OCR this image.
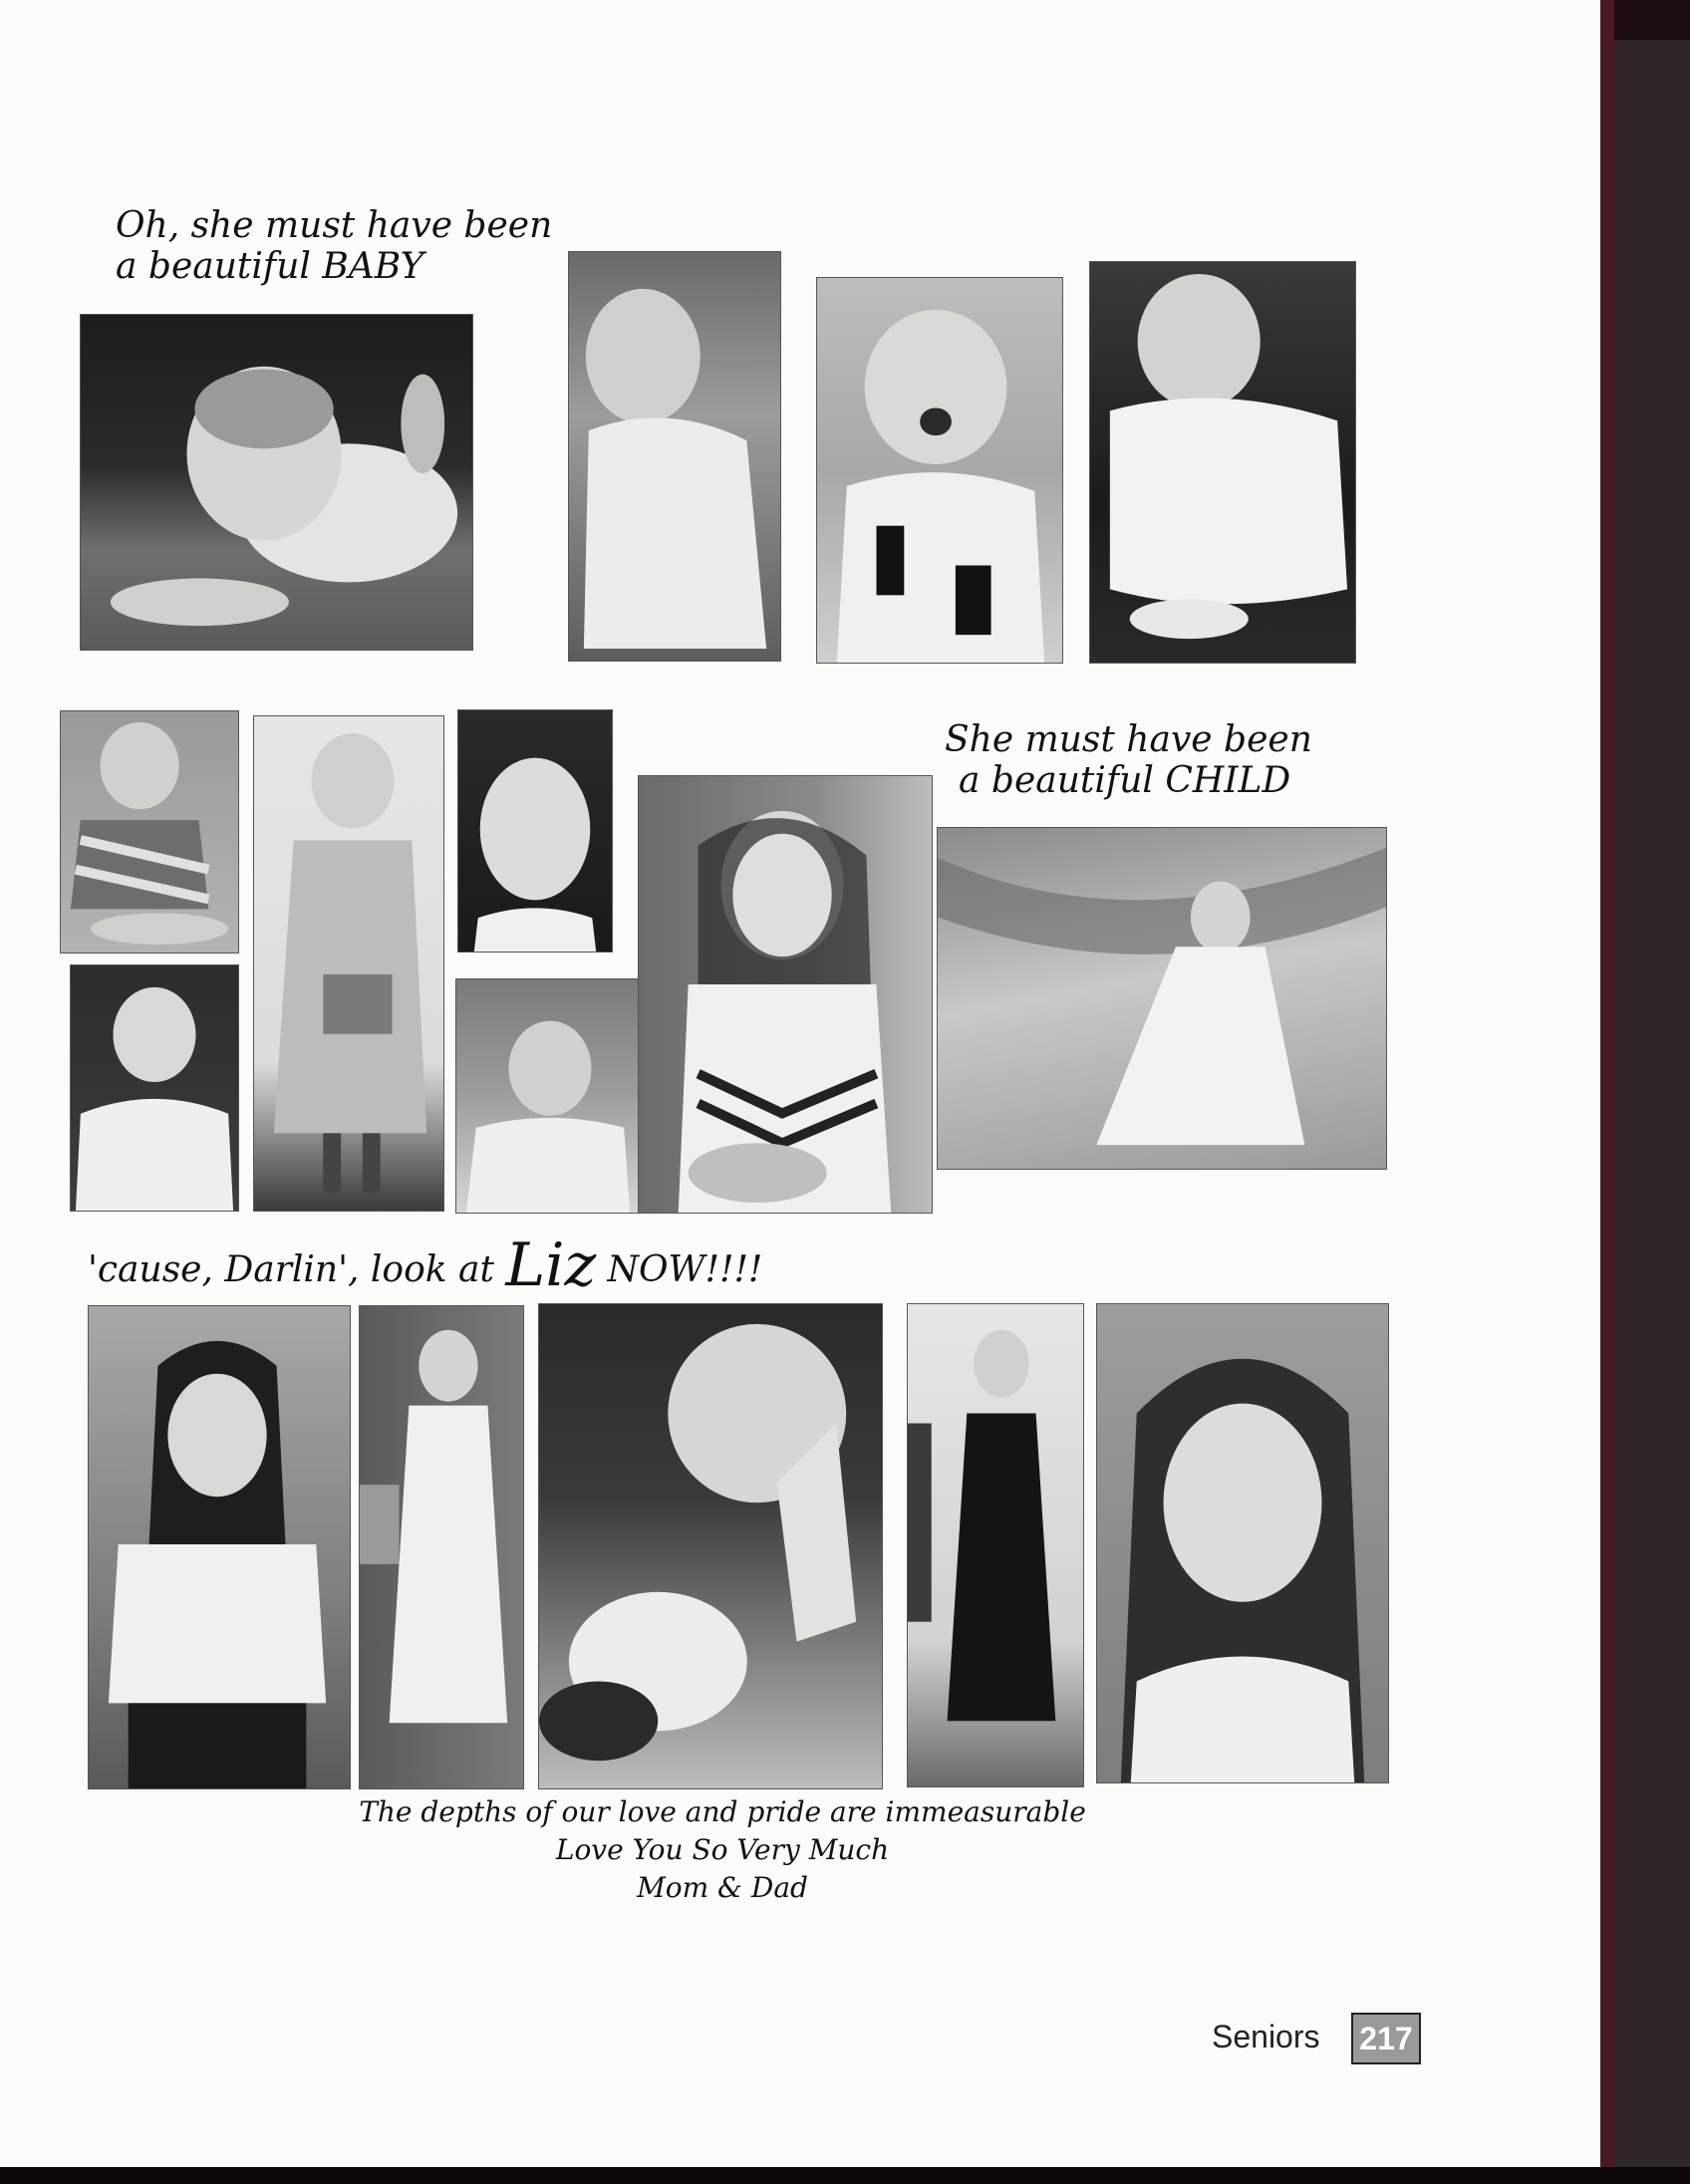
Oh, she must have been
a beautiful BABY
She must have been
a beautiful CHILD
'cause, Darlin', look at Liz NOW!!!!
The depths of our love and pride are immeasurable
Love You So Very Much
Mom & Dad
Seniors 217
